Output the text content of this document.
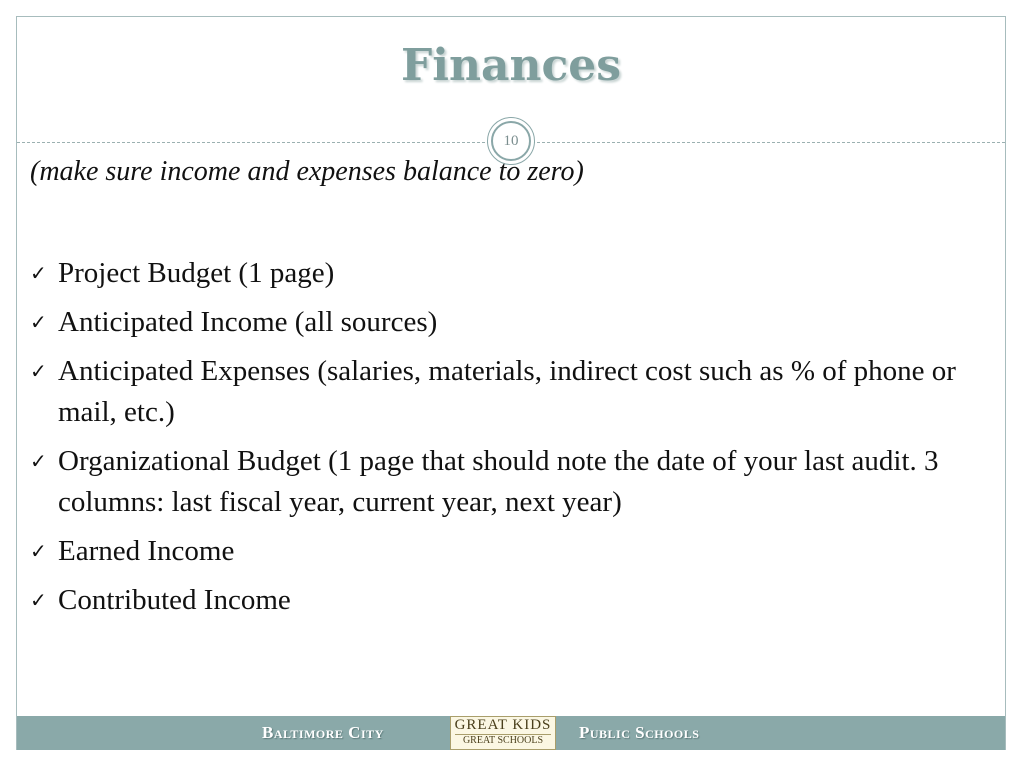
Finances
10
(make sure income and expenses balance to zero)
✓ Project Budget (1 page)
✓ Anticipated Income (all sources)
✓ Anticipated Expenses (salaries, materials, indirect cost such as % of phone or mail, etc.)
✓ Organizational Budget (1 page that should note the date of your last audit. 3 columns: last fiscal year, current year, next year)
✓ Earned Income
✓ Contributed Income
Baltimore City	GREAT KIDS
GREAT SCHOOLS	Public Schools
